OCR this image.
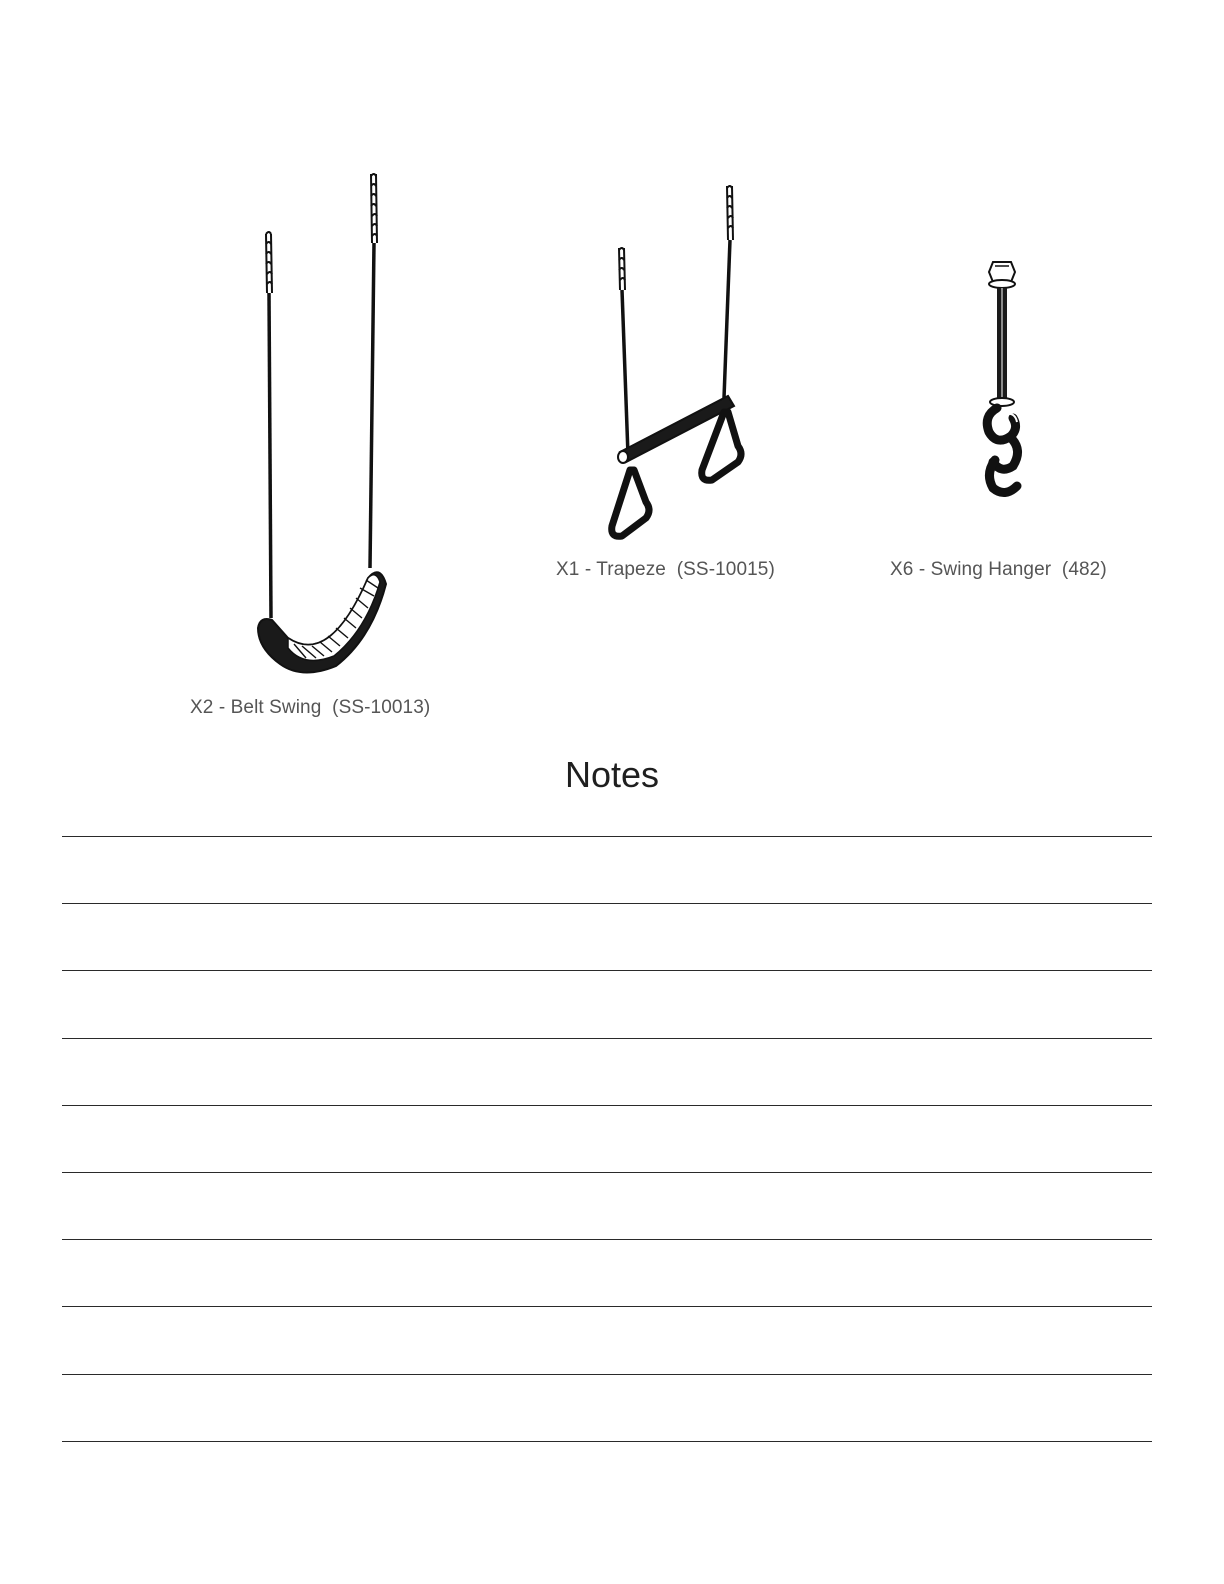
X2 - Belt Swing  (SS-10013)
X1 - Trapeze  (SS-10015)	X6 - Swing Hanger  (482)
Notes
